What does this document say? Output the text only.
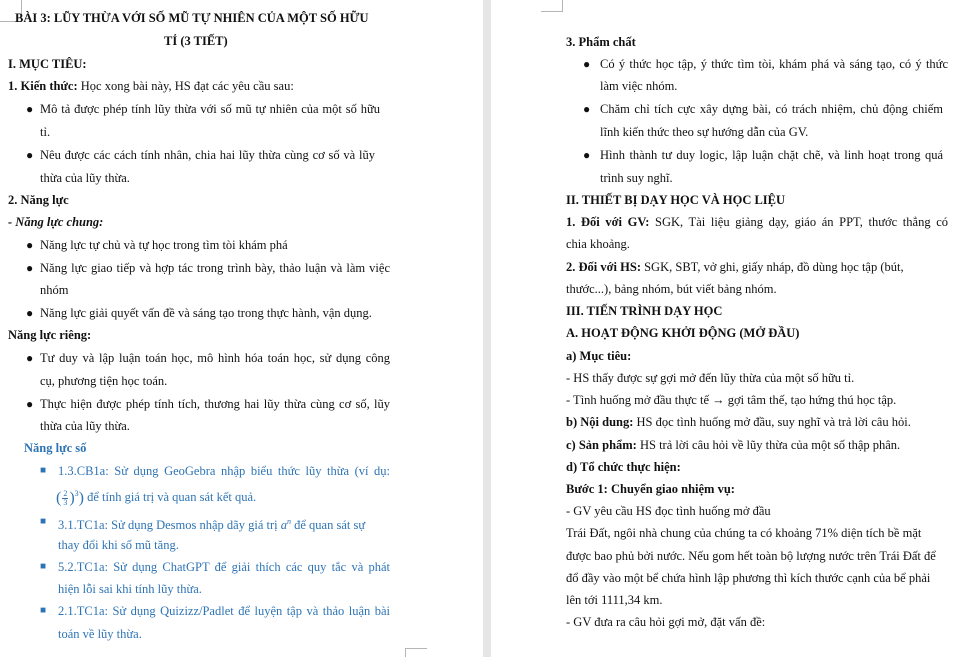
BÀI 3: LŨY THỪA VỚI SỐ MŨ TỰ NHIÊN CỦA MỘT SỐ HỮU
TỈ (3 TIẾT)
I. MỤC TIÊU:
1. Kiến thức: Học xong bài này, HS đạt các yêu cầu sau:
● Mô tả được phép tính lũy thừa với số mũ tự nhiên của một số hữu
tỉ.
● Nêu được các cách tính nhân, chia hai lũy thừa cùng cơ số và lũy
thừa của lũy thừa.
2. Năng lực
- Năng lực chung:
● Năng lực tự chủ và tự học trong tìm tòi khám phá
● Năng lực giao tiếp và hợp tác trong trình bày, thảo luận và làm việc
nhóm
● Năng lực giải quyết vấn đề và sáng tạo trong thực hành, vận dụng.
Năng lực riêng:
● Tư duy và lập luận toán học, mô hình hóa toán học, sử dụng công
cụ, phương tiện học toán.
● Thực hiện được phép tính tích, thương hai lũy thừa cùng cơ số, lũy
thừa của lũy thừa.
Năng lực số
■ 1.3.CB1a: Sử dụng GeoGebra nhập biểu thức lũy thừa (ví dụ:
( $\frac{2}{3} )^3$) để tính giá trị và quan sát kết quả.
■ 3.1.TC1a: Sử dụng Desmos nhập dãy giá trị $a^n$ để quan sát sự
thay đổi khi số mũ tăng.
■ 5.2.TC1a: Sử dụng ChatGPT để giải thích các quy tắc và phát
hiện lỗi sai khi tính lũy thừa.
■ 2.1.TC1a: Sử dụng Quizizz/Padlet để luyện tập và thảo luận bài
toán về lũy thừa.
3. Phẩm chất
● Có ý thức học tập, ý thức tìm tòi, khám phá và sáng tạo, có ý thức
làm việc nhóm.
● Chăm chỉ tích cực xây dựng bài, có trách nhiệm, chủ động chiếm
lĩnh kiến thức theo sự hướng dẫn của GV.
● Hình thành tư duy logic, lập luận chặt chẽ, và linh hoạt trong quá
trình suy nghĩ.
II. THIẾT BỊ DẠY HỌC VÀ HỌC LIỆU
1. Đối với GV: SGK, Tài liệu giảng dạy, giáo án PPT, thước thẳng có
chia khoảng.
2. Đối với HS: SGK, SBT, vở ghi, giấy nháp, đồ dùng học tập (bút,
thước...), bảng nhóm, bút viết bảng nhóm.
III. TIẾN TRÌNH DẠY HỌC
A. HOẠT ĐỘNG KHỞI ĐỘNG (MỞ ĐẦU)
a) Mục tiêu:
- HS thấy được sự gợi mở đến lũy thừa của một số hữu tỉ.
- Tình huống mở đầu thực tế → gợi tâm thế, tạo hứng thú học tập.
b) Nội dung: HS đọc tình huống mở đầu, suy nghĩ và trả lời câu hỏi.
c) Sản phẩm: HS trả lời câu hỏi về lũy thừa của một số thập phân.
d) Tổ chức thực hiện:
Bước 1: Chuyển giao nhiệm vụ:
- GV yêu cầu HS đọc tình huống mở đầu
Trái Đất, ngôi nhà chung của chúng ta có khoảng 71% diện tích bề mặt
được bao phủ bởi nước. Nếu gom hết toàn bộ lượng nước trên Trái Đất để
đổ đầy vào một bể chứa hình lập phương thì kích thước cạnh của bể phải
lên tới 1111,34 km.
- GV đưa ra câu hỏi gợi mở, đặt vấn đề:
